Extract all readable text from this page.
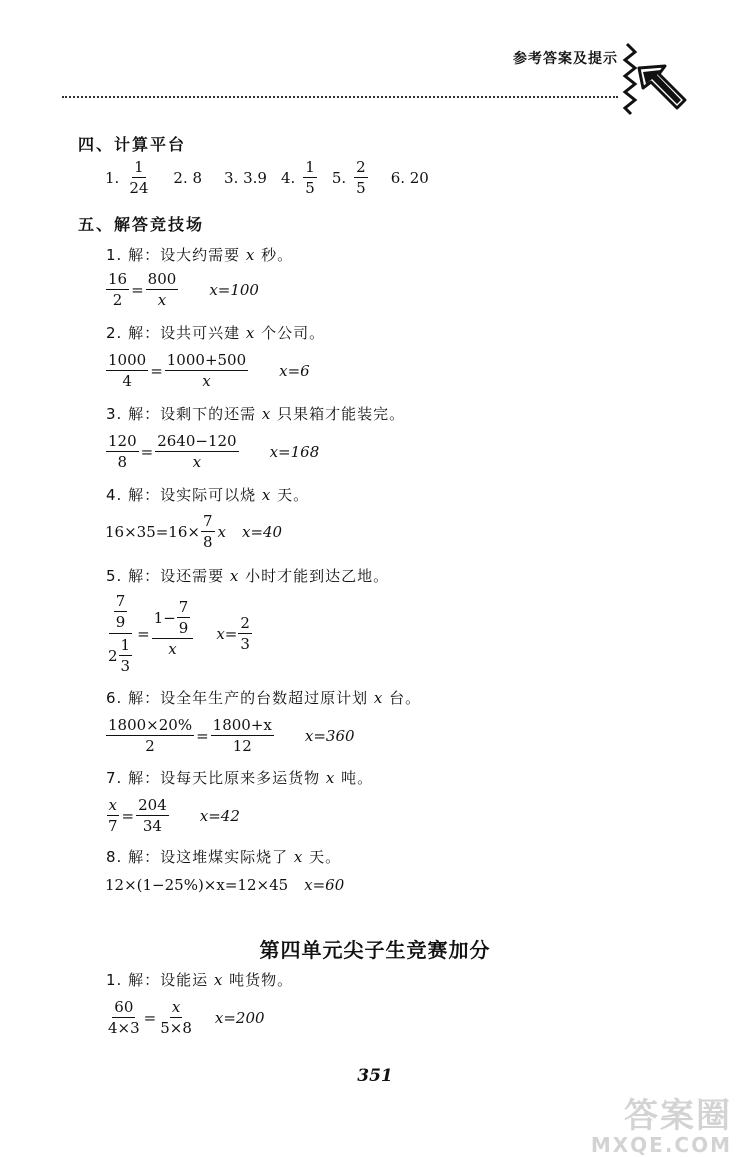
参考答案及提示
四、计算平台
1. $\frac{1}{24} 2$. 8 3. 3.9 4. $\frac{1}{5} 5$. $\frac{2}{5} 6$. 20
五、解答竞技场
1. 解：设大约需要 x 秒。
$\frac{16}{2} = \frac{800}{x} x=100$
2. 解：设共可兴建 x 个公司。
$\frac{1000}{4} = \frac{1000+500}{x} x=6$
3. 解：设剩下的还需 x 只果箱才能装完。
$\frac{120}{8} = \frac{2640-120}{x} x=168$
4. 解：设实际可以烧 x 天。
$16\times 35=16\times \frac{7}{8}$ x x=40
5. 解：设还需要 x 小时才能到达乙地。
$\frac{\frac{7}{9}}{2 \frac{1}{3}} = \frac{1- \frac{7}{9}}{x} x= \frac{2}{3}$
6. 解：设全年生产的台数超过原计划 x 台。
$\frac{1800\times 20\%}{2} = \frac{1800+x}{12} x=360$
7. 解：设每天比原来多运货物 x 吨。
$\frac{x}{7} = \frac{204}{34} x=42$
8. 解：设这堆煤实际烧了 x 天。
12×(1−25%)×x=12×45 x=60
第四单元尖子生竞赛加分
1. 解：设能运 x 吨货物。
$\frac{60}{4\times 3} = \frac{x}{5\times 8} x=200$
351
答案圈
MXQE.COM
